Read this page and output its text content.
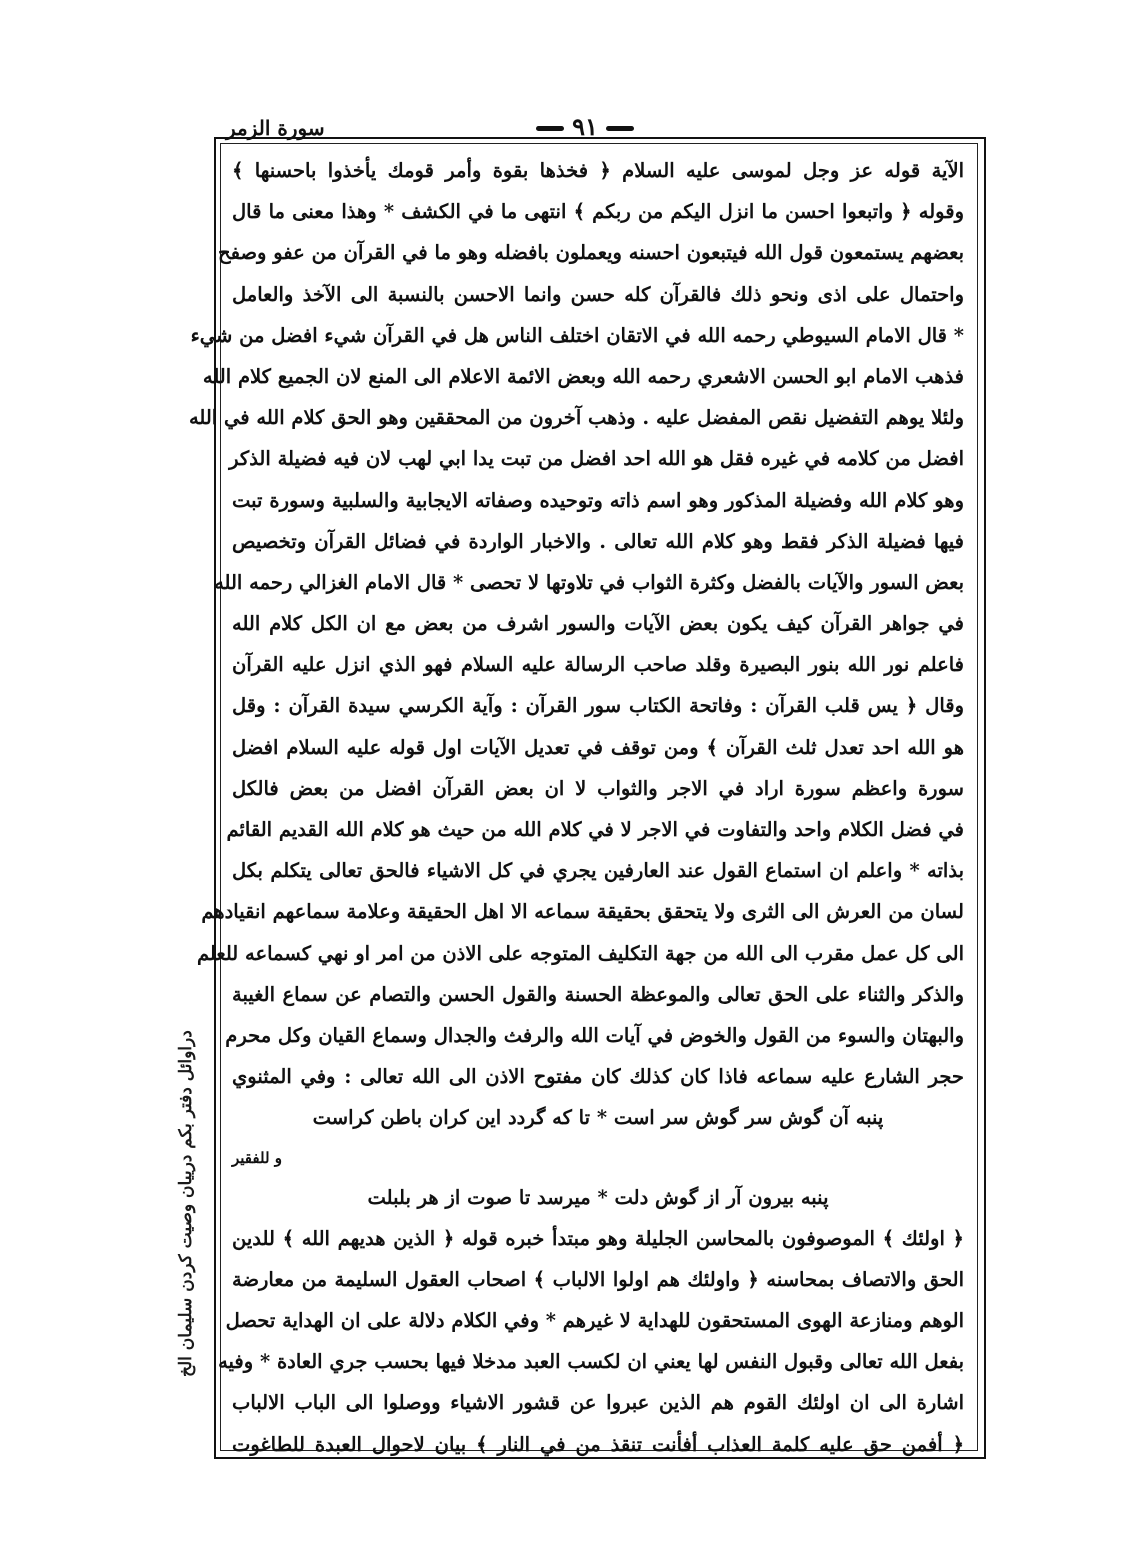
سورة الزمر	٩١
دراوائل دفتر بكم درييان وصيت كردن سليمان الخ
الآية قوله عز وجل لموسى عليه السلام ﴿ فخذها بقوة وأمر قومك يأخذوا باحسنها ﴾
وقوله ﴿ واتبعوا احسن ما انزل اليكم من ربكم ﴾ انتهى ما في الكشف * وهذا معنى ما قال
بعضهم يستمعون قول الله فيتبعون احسنه ويعملون بافضله وهو ما في القرآن من عفو وصفح
واحتمال على اذى ونحو ذلك فالقرآن كله حسن وانما الاحسن بالنسبة الى الآخذ والعامل
* قال الامام السيوطي رحمه الله في الاتقان اختلف الناس هل في القرآن شيء افضل من شيء
فذهب الامام ابو الحسن الاشعري رحمه الله وبعض الائمة الاعلام الى المنع لان الجميع كلام الله
ولئلا يوهم التفضيل نقص المفضل عليه . وذهب آخرون من المحققين وهو الحق كلام الله في الله
افضل من كلامه في غيره فقل هو الله احد افضل من تبت يدا ابي لهب لان فيه فضيلة الذكر
وهو كلام الله وفضيلة المذكور وهو اسم ذاته وتوحيده وصفاته الايجابية والسلبية وسورة تبت
فيها فضيلة الذكر فقط وهو كلام الله تعالى . والاخبار الواردة في فضائل القرآن وتخصيص
بعض السور والآيات بالفضل وكثرة الثواب في تلاوتها لا تحصى * قال الامام الغزالي رحمه الله
في جواهر القرآن كيف يكون بعض الآيات والسور اشرف من بعض مع ان الكل كلام الله
فاعلم نور الله بنور البصيرة وقلد صاحب الرسالة عليه السلام فهو الذي انزل عليه القرآن
وقال ﴿ يس قلب القرآن : وفاتحة الكتاب سور القرآن : وآية الكرسي سيدة القرآن : وقل
هو الله احد تعدل ثلث القرآن ﴾ ومن توقف في تعديل الآيات اول قوله عليه السلام افضل
سورة واعظم سورة اراد في الاجر والثواب لا ان بعض القرآن افضل من بعض فالكل
في فضل الكلام واحد والتفاوت في الاجر لا في كلام الله من حيث هو كلام الله القديم القائم
بذاته * واعلم ان استماع القول عند العارفين يجري في كل الاشياء فالحق تعالى يتكلم بكل
لسان من العرش الى الثرى ولا يتحقق بحقيقة سماعه الا اهل الحقيقة وعلامة سماعهم انقيادهم
الى كل عمل مقرب الى الله من جهة التكليف المتوجه على الاذن من امر او نهي كسماعه للعلم
والذكر والثناء على الحق تعالى والموعظة الحسنة والقول الحسن والتصام عن سماع الغيبة
والبهتان والسوء من القول والخوض في آيات الله والرفث والجدال وسماع القيان وكل محرم
حجر الشارع عليه سماعه فاذا كان كذلك كان مفتوح الاذن الى الله تعالى : وفي المثنوي
پنبه آن گوش سر گوش سر است * تا كه گردد اين كران باطن كراست
و للفقير
پنبه بيرون آر از گوش دلت * ميرسد تا صوت از هر بلبلت
﴿ اولئك ﴾ الموصوفون بالمحاسن الجليلة وهو مبتدأ خبره قوله ﴿ الذين هديهم الله ﴾ للدين
الحق والاتصاف بمحاسنه ﴿ واولئك هم اولوا الالباب ﴾ اصحاب العقول السليمة من معارضة
الوهم ومنازعة الهوى المستحقون للهداية لا غيرهم * وفي الكلام دلالة على ان الهداية تحصل
بفعل الله تعالى وقبول النفس لها يعني ان لكسب العبد مدخلا فيها بحسب جري العادة * وفيه
اشارة الى ان اولئك القوم هم الذين عبروا عن قشور الاشياء ووصلوا الى الباب الالباب
﴿ أفمن حق عليه كلمة العذاب أفأنت تنقذ من في النار ﴾ بيان لاحوال العبدة للطاغوت
